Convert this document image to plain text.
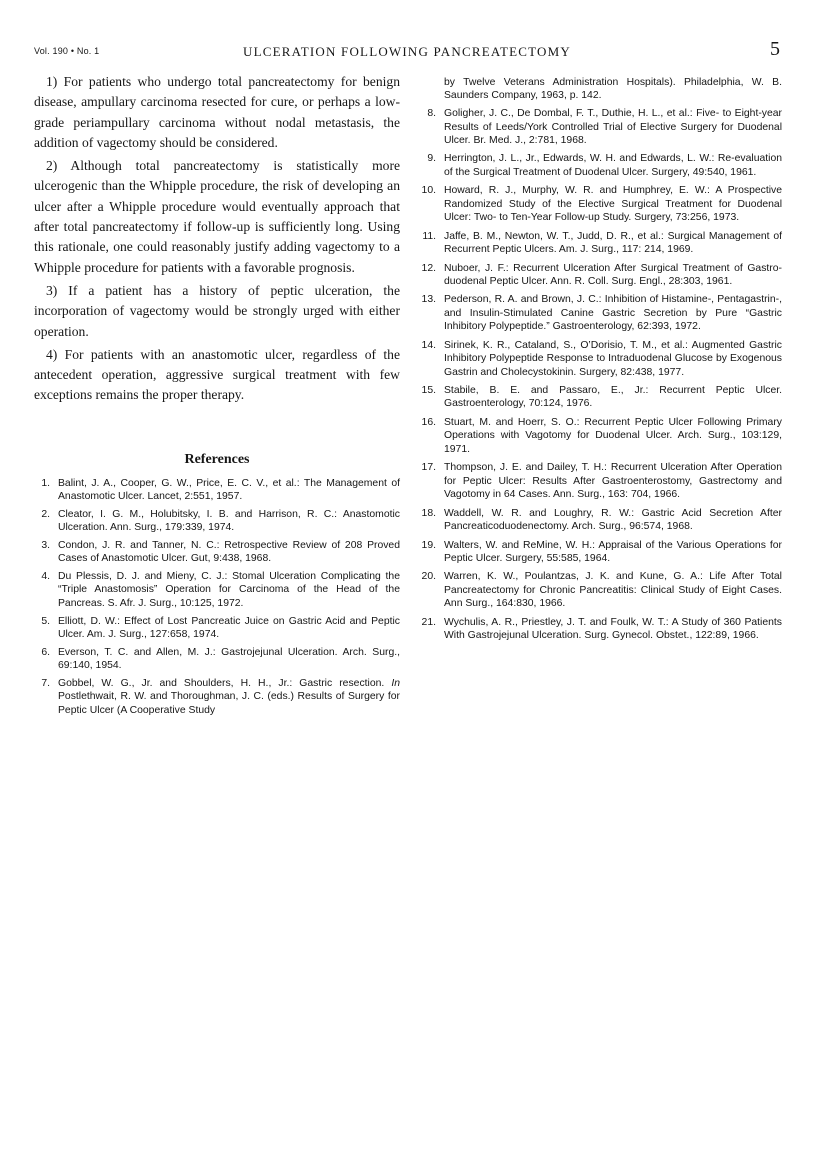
Vol. 190 • No. 1	ULCERATION FOLLOWING PANCREATECTOMY	5

1) For patients who undergo total pancreatectomy for benign disease, ampullary carcinoma resected for cure, or perhaps a low-grade periampullary carcinoma without nodal metastasis, the addition of vagectomy should be considered.

2) Although total pancreatectomy is statistically more ulcerogenic than the Whipple procedure, the risk of developing an ulcer after a Whipple procedure would eventually approach that after total pancreatectomy if follow-up is sufficiently long. Using this rationale, one could reasonably justify adding vagectomy to a Whipple procedure for patients with a favorable prognosis.

3) If a patient has a history of peptic ulceration, the incorporation of vagectomy would be strongly urged with either operation.

4) For patients with an anastomotic ulcer, regardless of the antecedent operation, aggressive surgical treatment with few exceptions remains the proper therapy.

References
1. Balint, J. A., Cooper, G. W., Price, E. C. V., et al.: The Management of Anastomotic Ulcer. Lancet, 2:551, 1957.
2. Cleator, I. G. M., Holubitsky, I. B. and Harrison, R. C.: Anastomotic Ulceration. Ann. Surg., 179:339, 1974.
3. Condon, J. R. and Tanner, N. C.: Retrospective Review of 208 Proved Cases of Anastomotic Ulcer. Gut, 9:438, 1968.
4. Du Plessis, D. J. and Mieny, C. J.: Stomal Ulceration Complicating the “Triple Anastomosis” Operation for Carcinoma of the Head of the Pancreas. S. Afr. J. Surg., 10:125, 1972.
5. Elliott, D. W.: Effect of Lost Pancreatic Juice on Gastric Acid and Peptic Ulcer. Am. J. Surg., 127:658, 1974.
6. Everson, T. C. and Allen, M. J.: Gastrojejunal Ulceration. Arch. Surg., 69:140, 1954.
7. Gobbel, W. G., Jr. and Shoulders, H. H., Jr.: Gastric resection. In Postlethwait, R. W. and Thoroughman, J. C. (eds.) Results of Surgery for Peptic Ulcer (A Cooperative Study
by Twelve Veterans Administration Hospitals). Philadelphia, W. B. Saunders Company, 1963, p. 142.
8. Goligher, J. C., De Dombal, F. T., Duthie, H. L., et al.: Five- to Eight-year Results of Leeds/York Controlled Trial of Elective Surgery for Duodenal Ulcer. Br. Med. J., 2:781, 1968.
9. Herrington, J. L., Jr., Edwards, W. H. and Edwards, L. W.: Re-evaluation of the Surgical Treatment of Duodenal Ulcer. Surgery, 49:540, 1961.
10. Howard, R. J., Murphy, W. R. and Humphrey, E. W.: A Prospective Randomized Study of the Elective Surgical Treatment for Duodenal Ulcer: Two- to Ten-Year Follow-up Study. Surgery, 73:256, 1973.
11. Jaffe, B. M., Newton, W. T., Judd, D. R., et al.: Surgical Management of Recurrent Peptic Ulcers. Am. J. Surg., 117: 214, 1969.
12. Nuboer, J. F.: Recurrent Ulceration After Surgical Treatment of Gastro-duodenal Peptic Ulcer. Ann. R. Coll. Surg. Engl., 28:303, 1961.
13. Pederson, R. A. and Brown, J. C.: Inhibition of Histamine-, Pentagastrin-, and Insulin-Stimulated Canine Gastric Secretion by Pure “Gastric Inhibitory Polypeptide.” Gastroenterology, 62:393, 1972.
14. Sirinek, K. R., Cataland, S., O’Dorisio, T. M., et al.: Augmented Gastric Inhibitory Polypeptide Response to Intraduodenal Glucose by Exogenous Gastrin and Cholecystokinin. Surgery, 82:438, 1977.
15. Stabile, B. E. and Passaro, E., Jr.: Recurrent Peptic Ulcer. Gastroenterology, 70:124, 1976.
16. Stuart, M. and Hoerr, S. O.: Recurrent Peptic Ulcer Following Primary Operations with Vagotomy for Duodenal Ulcer. Arch. Surg., 103:129, 1971.
17. Thompson, J. E. and Dailey, T. H.: Recurrent Ulceration After Operation for Peptic Ulcer: Results After Gastroenterostomy, Gastrectomy and Vagotomy in 64 Cases. Ann. Surg., 163: 704, 1966.
18. Waddell, W. R. and Loughry, R. W.: Gastric Acid Secretion After Pancreaticoduodenectomy. Arch. Surg., 96:574, 1968.
19. Walters, W. and ReMine, W. H.: Appraisal of the Various Operations for Peptic Ulcer. Surgery, 55:585, 1964.
20. Warren, K. W., Poulantzas, J. K. and Kune, G. A.: Life After Total Pancreatectomy for Chronic Pancreatitis: Clinical Study of Eight Cases. Ann Surg., 164:830, 1966.
21. Wychulis, A. R., Priestley, J. T. and Foulk, W. T.: A Study of 360 Patients With Gastrojejunal Ulceration. Surg. Gynecol. Obstet., 122:89, 1966.
